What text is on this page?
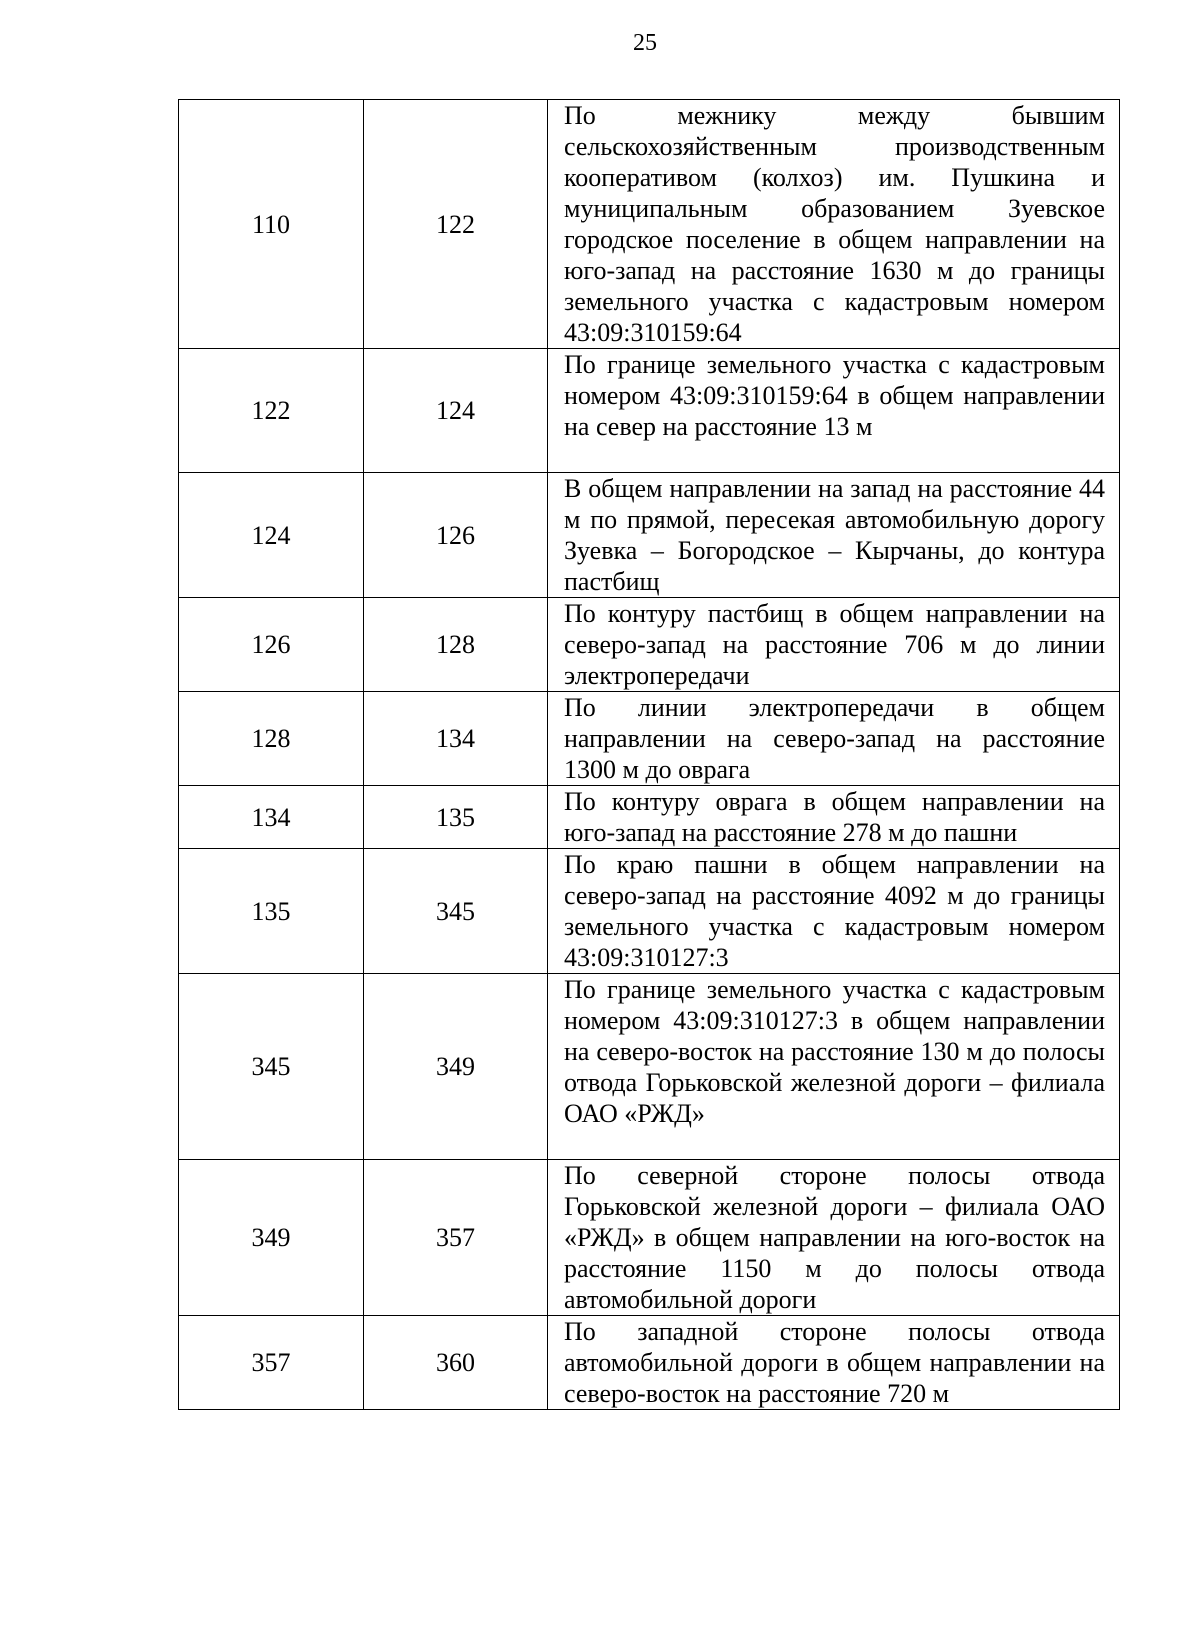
25
110	122	По межнику между бывшим сельскохозяйственным производственным кооперативом (колхоз) им. Пушкина и муниципальным образованием Зуевское городское поселение в общем направлении на юго-запад на расстояние 1630 м до границы земельного участка с кадастровым номером 43:09:310159:64
122	124	По границе земельного участка с кадастровым номером 43:09:310159:64 в общем направлении на север на расстояние 13 м
124	126	В общем направлении на запад на расстояние 44 м по прямой, пересекая автомобильную дорогу Зуевка – Богородское – Кырчаны, до контура пастбищ
126	128	По контуру пастбищ в общем направлении на северо-запад на расстояние 706 м до линии электропередачи
128	134	По линии электропередачи в общем направлении на северо-запад на расстояние 1300 м до оврага
134	135	По контуру оврага в общем направлении на юго-запад на расстояние 278 м до пашни
135	345	По краю пашни в общем направлении на северо-запад на расстояние 4092 м до границы земельного участка с кадастровым номером 43:09:310127:3
345	349	По границе земельного участка с кадастровым номером 43:09:310127:3 в общем направлении на северо-восток на расстояние 130 м до полосы отвода Горьковской железной дороги – филиала ОАО «РЖД»
349	357	По северной стороне полосы отвода Горьковской железной дороги – филиала ОАО «РЖД» в общем направлении на юго-восток на расстояние 1150 м до полосы отвода автомобильной дороги
357	360	По западной стороне полосы отвода автомобильной дороги в общем направлении на северо-восток на расстояние 720 м
